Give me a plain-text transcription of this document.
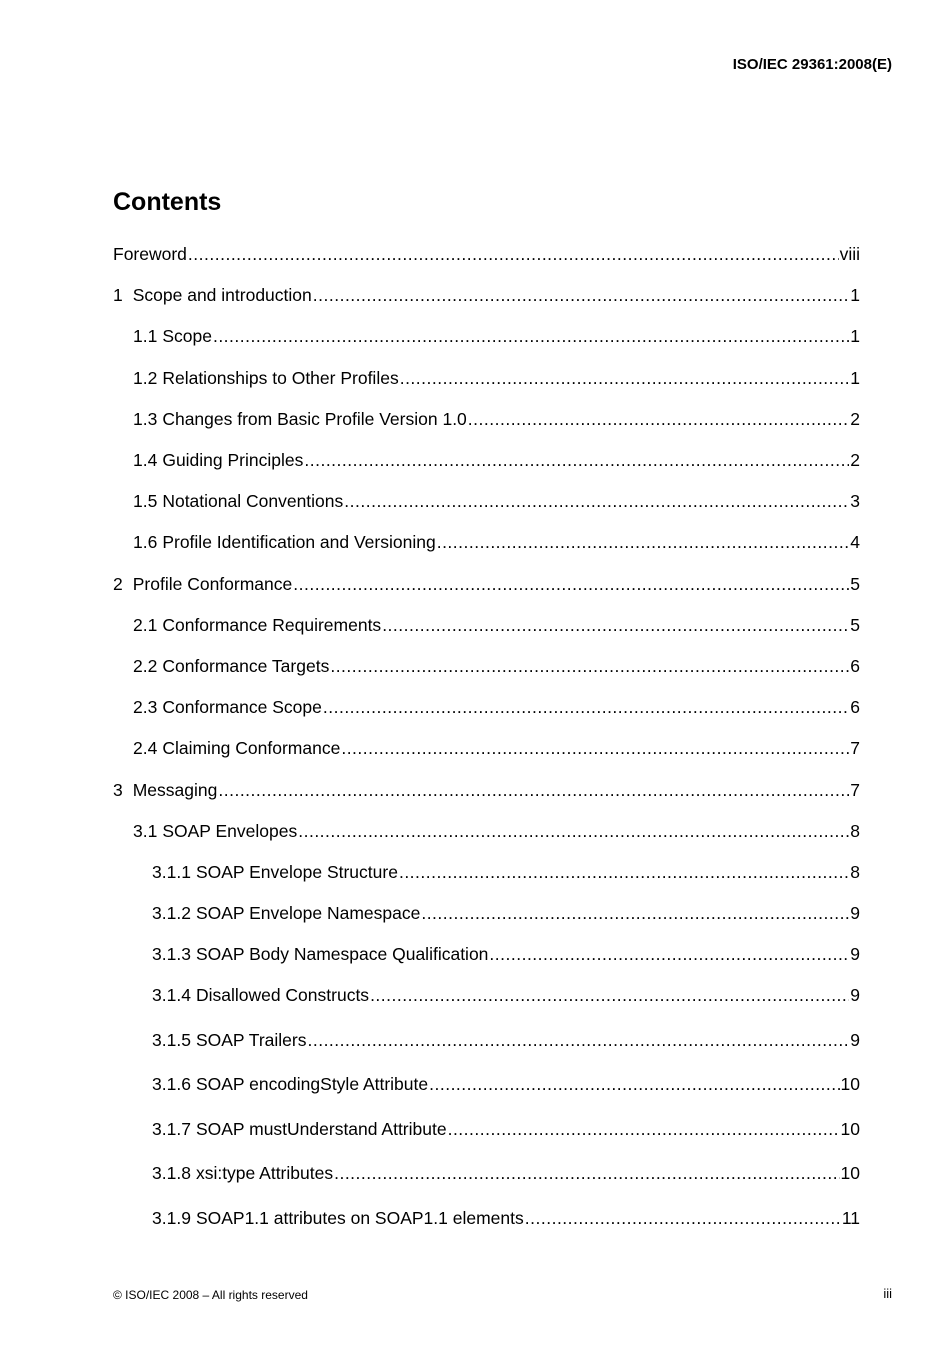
ISO/IEC 29361:2008(E)
Contents
Foreword .....	viii
1 Scope and introduction .....	1
1.1 Scope .....	1
1.2 Relationships to Other Profiles .....	1
1.3 Changes from Basic Profile Version 1.0 .....	2
1.4 Guiding Principles .....	2
1.5 Notational Conventions .....	3
1.6 Profile Identification and Versioning .....	4
2 Profile Conformance .....	5
2.1 Conformance Requirements .....	5
2.2 Conformance Targets .....	6
2.3 Conformance Scope .....	6
2.4 Claiming Conformance .....	7
3 Messaging .....	7
3.1 SOAP Envelopes .....	8
3.1.1 SOAP Envelope Structure .....	8
3.1.2 SOAP Envelope Namespace .....	9
3.1.3 SOAP Body Namespace Qualification .....	9
3.1.4 Disallowed Constructs .....	9
3.1.5 SOAP Trailers .....	9
3.1.6 SOAP encodingStyle Attribute .....	10
3.1.7 SOAP mustUnderstand Attribute .....	10
3.1.8 xsi:type Attributes .....	10
3.1.9 SOAP1.1 attributes on SOAP1.1 elements .....	11
© ISO/IEC 2008 – All rights reserved	iii
